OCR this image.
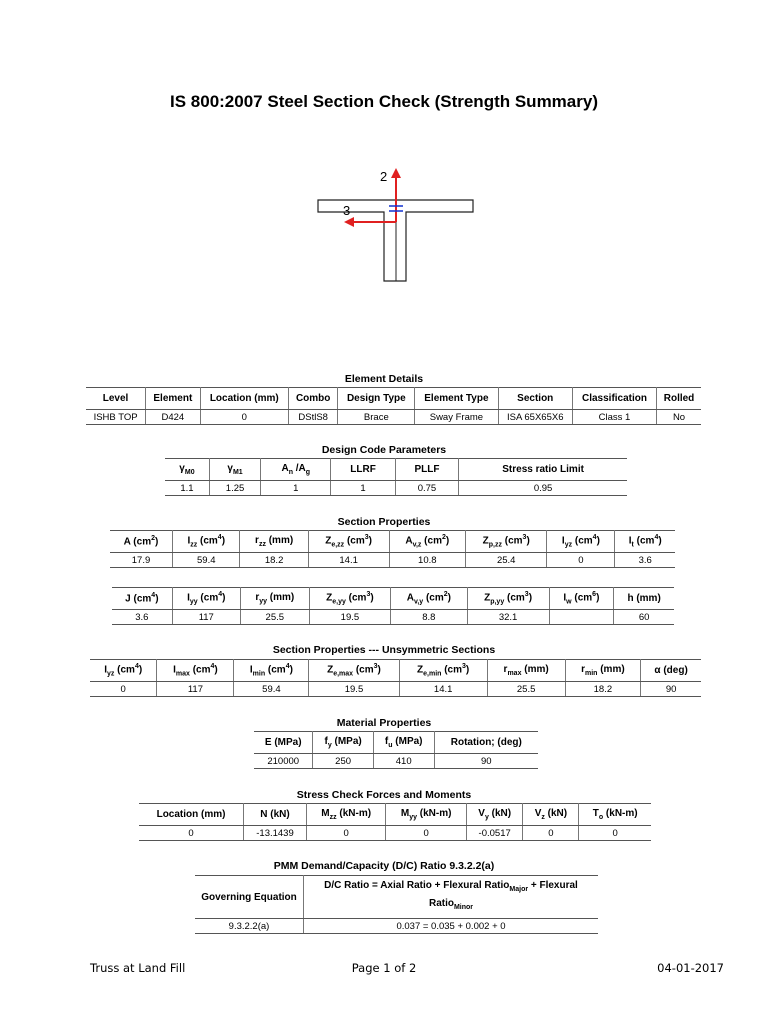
IS 800:2007 Steel Section Check (Strength Summary)
2
3
Element Details
Level	Element	Location (mm)	Combo	Design Type	Element Type	Section	Classification	Rolled
ISHB TOP	D424	0	DStlS8	Brace	Sway Frame	ISA 65X65X6	Class 1	No
Design Code Parameters
$\gamma_{M0}$	$\gamma_{M1}$	$A_n$ $/A_g$	LLRF	PLLF	Stress ratio Limit
1.1	1.25	1	1	0.75	0.95
Section Properties
A $(cm^2)$	$I_{zz}$ $(cm^4)$	$r_{zz}$ (mm)	$Z_{e,zz}$ $(cm^3)$	$A_{v,z}$ $(cm^2)$	$Z_{p,zz}$ $(cm^3)$	$I_{yz}$ $(cm^4)$	$I_t$ $(cm^4)$
17.9	59.4	18.2	14.1	10.8	25.4	0	3.6
J $(cm^4)$	$I_{yy}$ $(cm^4)$	$r_{yy}$ (mm)	$Z_{e,yy}$ $(cm^3)$	$A_{v,y}$ $(cm^2)$	$Z_{p,yy}$ $(cm^3)$	$I_w$ $(cm^6)$	h (mm)
3.6	117	25.5	19.5	8.8	32.1		60
Section Properties --- Unsymmetric Sections
$I_{yz}$ $(cm^4)$	$I_{max}$ $(cm^4)$	$I_{min}$ $(cm^4)$	$Z_{e,max}$ $(cm^3)$	$Z_{e,min}$ $(cm^3)$	$r_{max}$ (mm)	$r_{min}$ (mm)	α (deg)
0	117	59.4	19.5	14.1	25.5	18.2	90
Material Properties
E (MPa)	$f_y$ (MPa)	$f_u$ (MPa)	Rotation; (deg)
210000	250	410	90
Stress Check Forces and Moments
Location (mm)	N (kN)	$M_{zz}$ (kN-m)	$M_{yy}$ (kN-m)	$V_y$ (kN)	$V_z$ (kN)	$T_o$ (kN-m)
0	-13.1439	0	0	-0.0517	0	0
PMM Demand/Capacity (D/C) Ratio 9.3.2.2(a)
Governing Equation	D/C Ratio = Axial Ratio + Flexural Ratio$_{Major}$ + Flexural Ratio$_{Minor}$
9.3.2.2(a)	0.037 = 0.035 + 0.002 + 0
Truss at Land Fill	Page 1 of 2	04-01-2017
